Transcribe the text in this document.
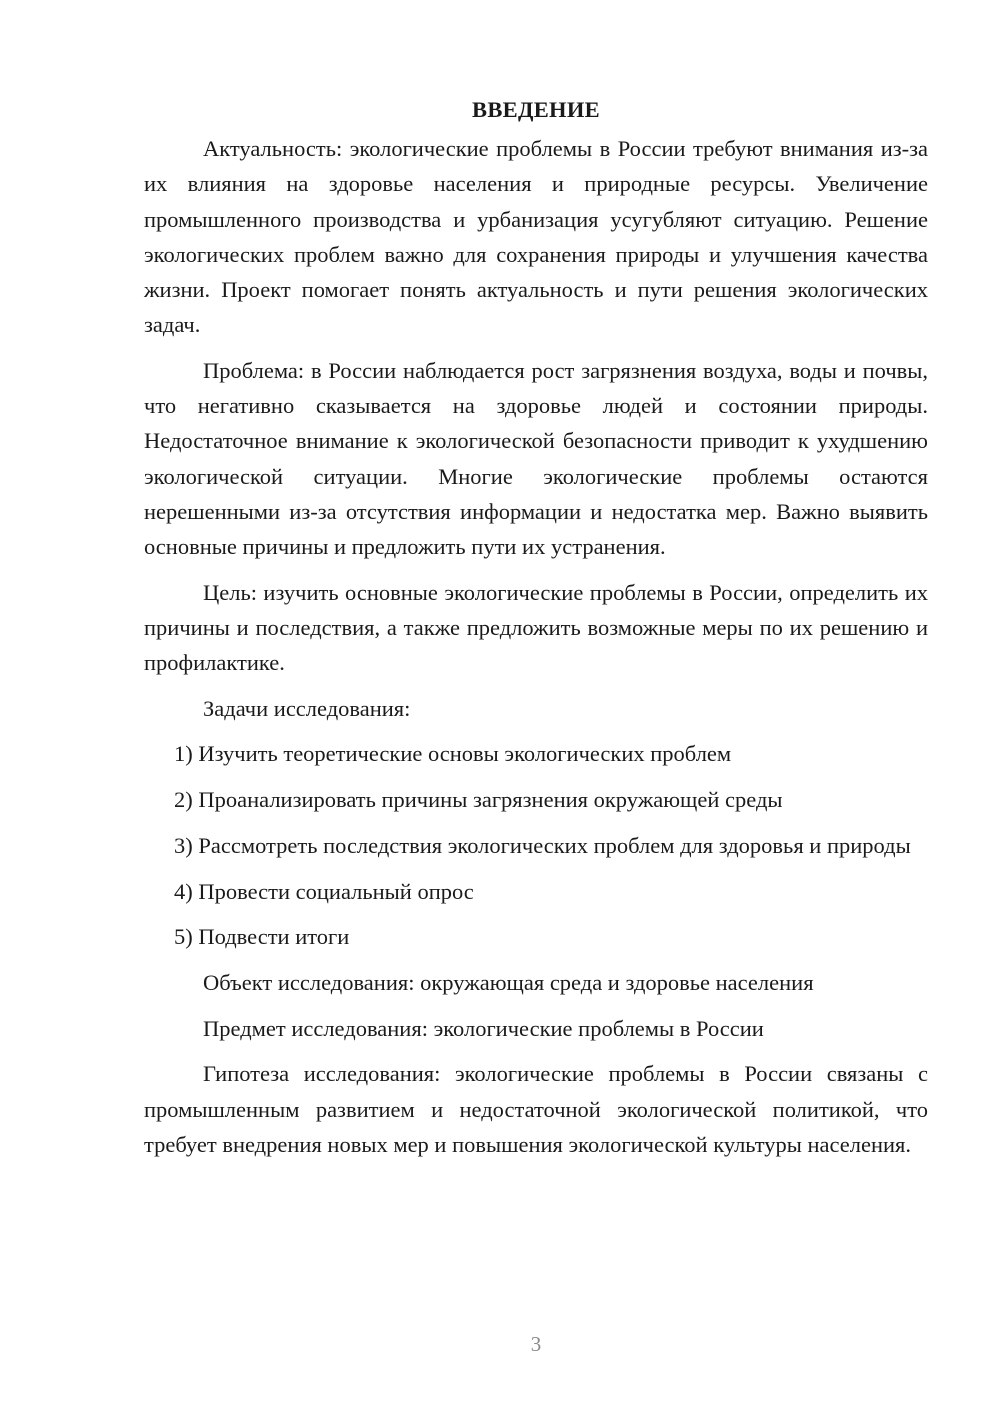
ВВЕДЕНИЕ

Актуальность: экологические проблемы в России требуют внимания из-за их влияния на здоровье населения и природные ресурсы. Увеличение промышленного производства и урбанизация усугубляют ситуацию. Решение экологических проблем важно для сохранения природы и улучшения качества жизни. Проект помогает понять актуальность и пути решения экологических задач.

Проблема: в России наблюдается рост загрязнения воздуха, воды и почвы, что негативно сказывается на здоровье людей и состоянии природы. Недостаточное внимание к экологической безопасности приводит к ухудшению экологической ситуации. Многие экологические проблемы остаются нерешенными из-за отсутствия информации и недостатка мер. Важно выявить основные причины и предложить пути их устранения.

Цель: изучить основные экологические проблемы в России, определить их причины и последствия, а также предложить возможные меры по их решению и профилактике.

Задачи исследования:

1) Изучить теоретические основы экологических проблем

2) Проанализировать причины загрязнения окружающей среды

3) Рассмотреть последствия экологических проблем для здоровья и природы

4) Провести социальный опрос

5) Подвести итоги

Объект исследования: окружающая среда и здоровье населения

Предмет исследования: экологические проблемы в России

Гипотеза исследования: экологические проблемы в России связаны с промышленным развитием и недостаточной экологической политикой, что требует внедрения новых мер и повышения экологической культуры населения.

3
